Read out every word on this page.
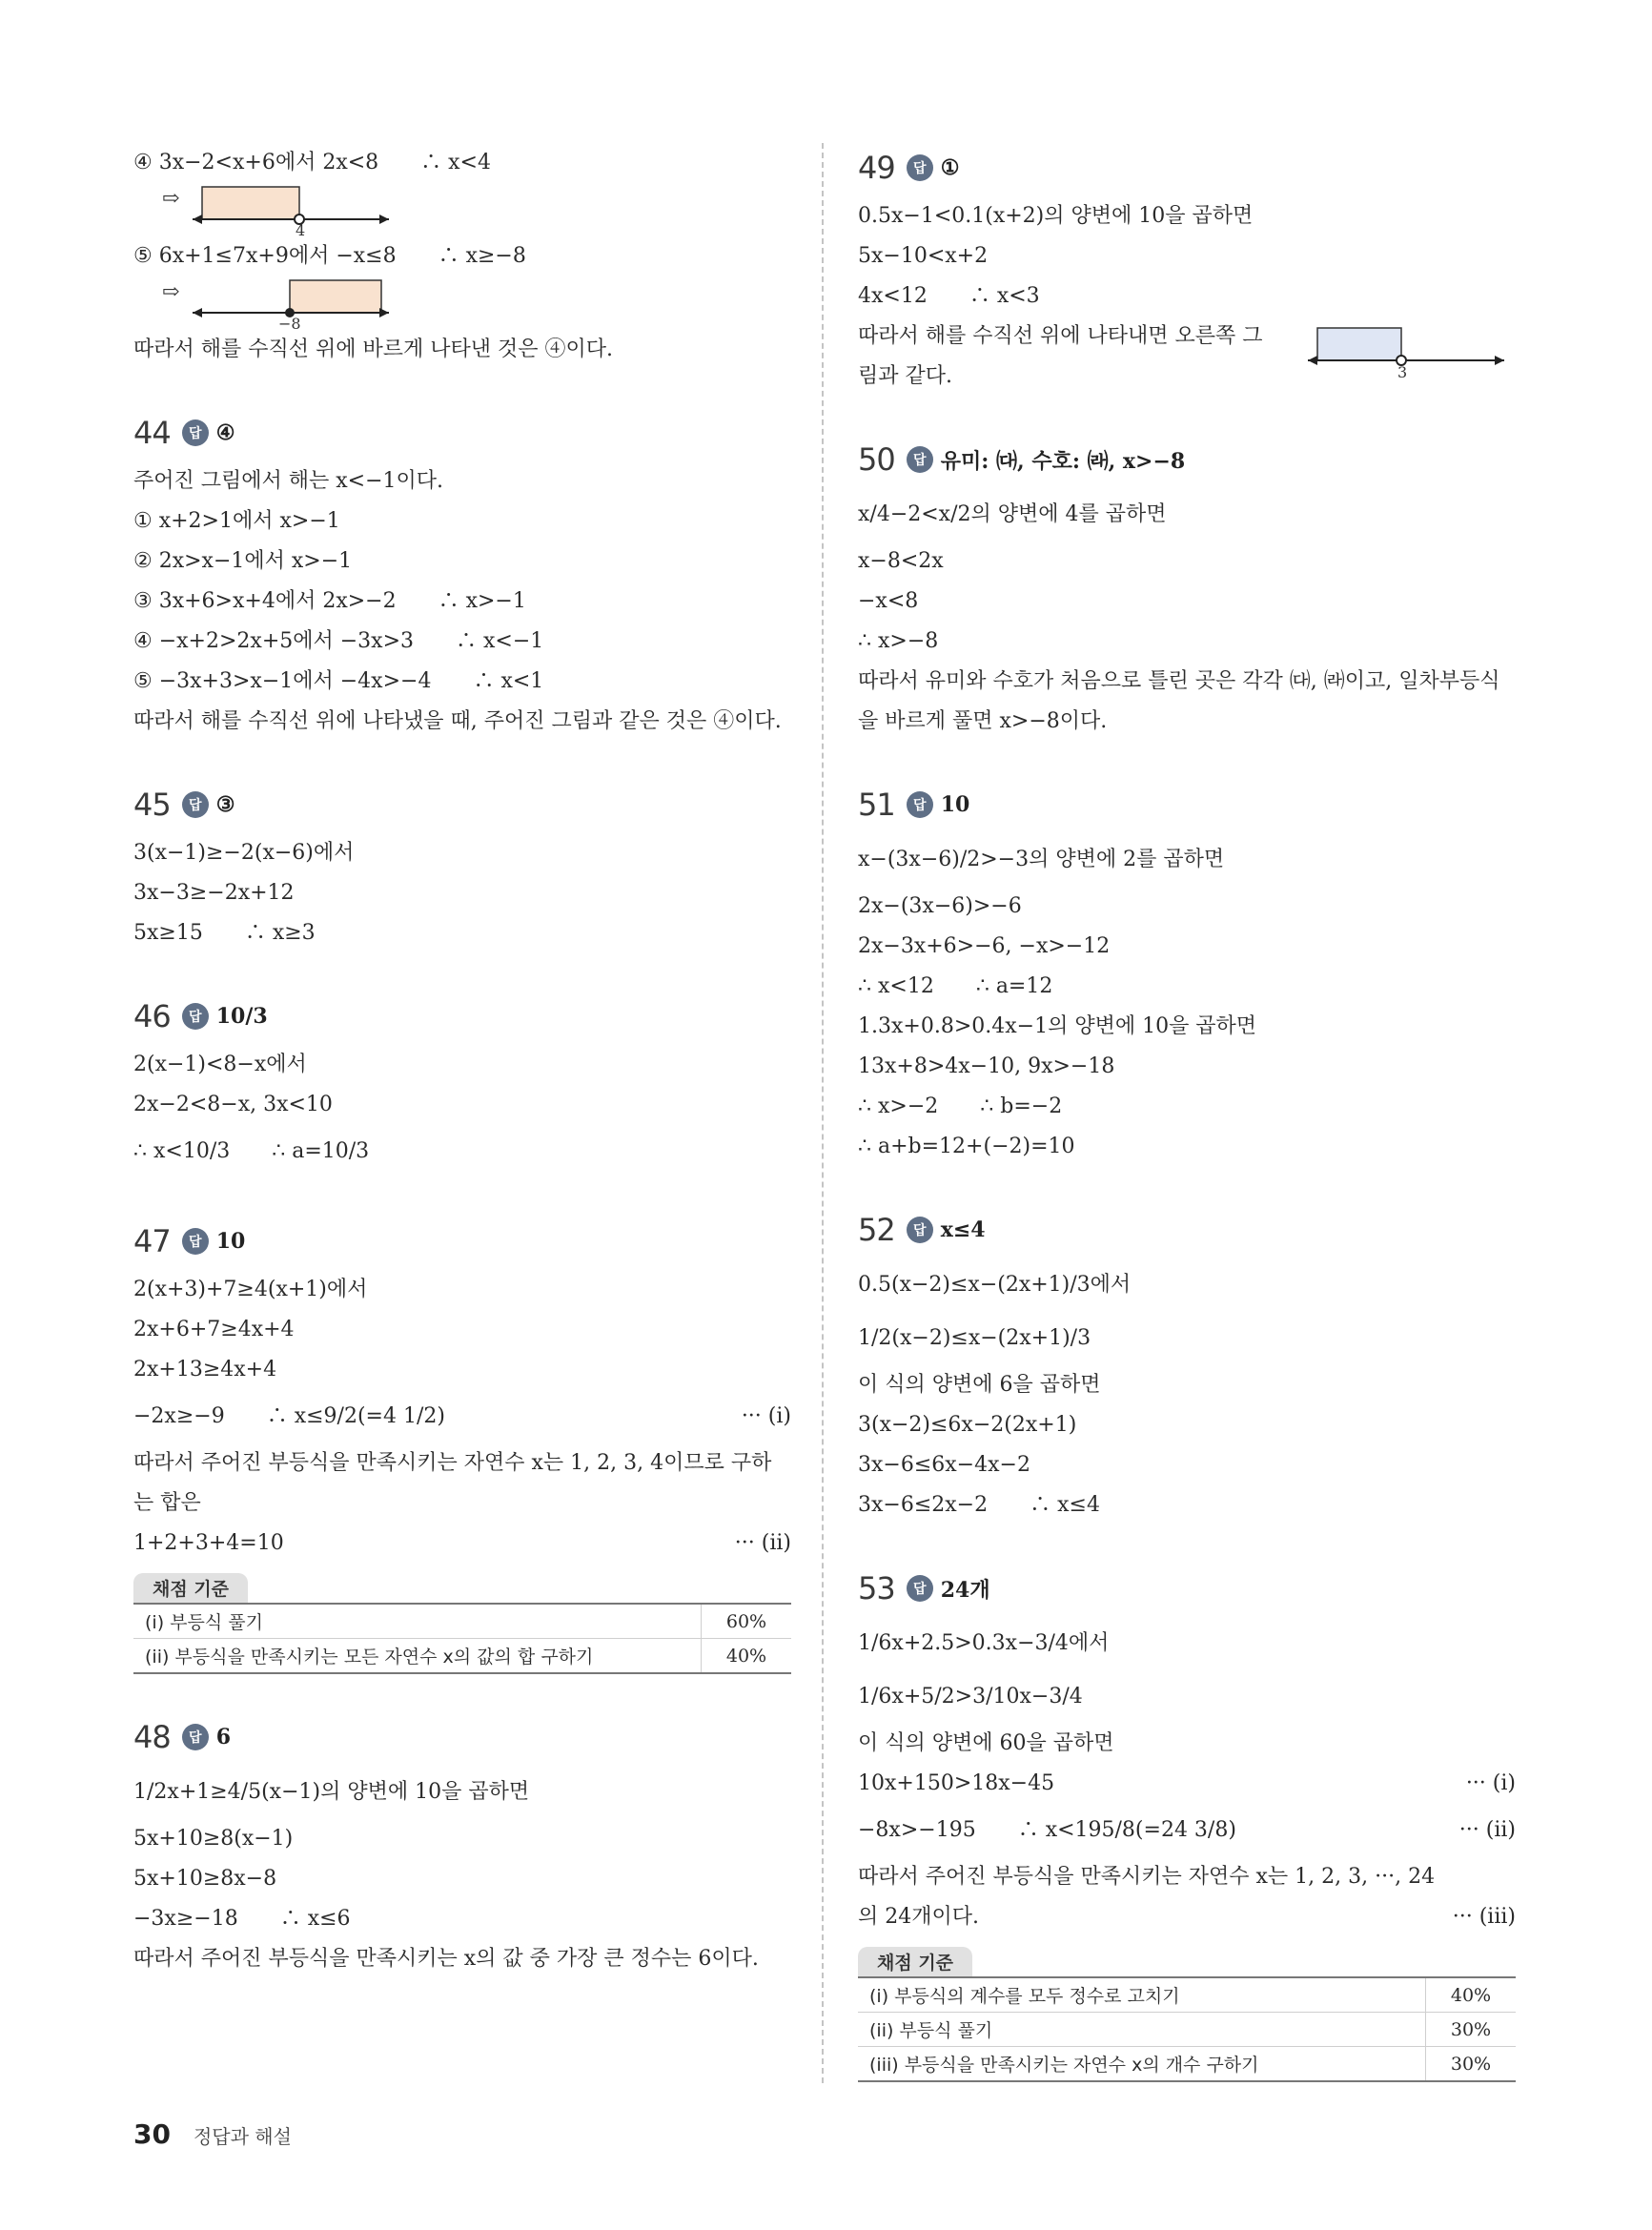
④ 3x−2<x+6에서 2x<8　　∴ x<4
⇨
4
⑤ 6x+1≤7x+9에서 −x≤8　　∴ x≥−8
⇨
−8
따라서 해를 수직선 위에 바르게 나타낸 것은 ④이다.
44	답 ④
주어진 그림에서 해는 x<−1이다.
① x+2>1에서 x>−1
② 2x>x−1에서 x>−1
③ 3x+6>x+4에서 2x>−2　　∴ x>−1
④ −x+2>2x+5에서 −3x>3　　∴ x<−1
⑤ −3x+3>x−1에서 −4x>−4　　∴ x<1
따라서 해를 수직선 위에 나타냈을 때, 주어진 그림과 같은 것은 ④이다.
45	답 ③
3(x−1)≥−2(x−6)에서
3x−3≥−2x+12
5x≥15　　∴ x≥3
46	답 10/3
2(x−1)<8−x에서
2x−2<8−x, 3x<10
∴ x<10/3　　∴ a=10/3
47	답 10
2(x+3)+7≥4(x+1)에서
2x+6+7≥4x+4
2x+13≥4x+4
−2x≥−9　　∴ x≤9/2(=4 1/2)	··· (i)
따라서 주어진 부등식을 만족시키는 자연수 x는 1, 2, 3, 4이므로 구하는 합은
1+2+3+4=10	··· (ii)
채점 기준
(i) 부등식 풀기	60%
(ii) 부등식을 만족시키는 모든 자연수 x의 값의 합 구하기	40%
48	답 6
1/2x+1≥4/5(x−1)의 양변에 10을 곱하면
5x+10≥8(x−1)
5x+10≥8x−8
−3x≥−18　　∴ x≤6
따라서 주어진 부등식을 만족시키는 x의 값 중 가장 큰 정수는 6이다.
49	답 ①
0.5x−1<0.1(x+2)의 양변에 10을 곱하면
5x−10<x+2
4x<12　　∴ x<3
따라서 해를 수직선 위에 나타내면 오른쪽 그림과 같다.	3
50	답 유미: ㈐, 수호: ㈑, x>−8
x/4−2<x/2의 양변에 4를 곱하면
x−8<2x
−x<8
∴ x>−8
따라서 유미와 수호가 처음으로 틀린 곳은 각각 ㈐, ㈑이고, 일차부등식을 바르게 풀면 x>−8이다.
51	답 10
x−(3x−6)/2>−3의 양변에 2를 곱하면
2x−(3x−6)>−6
2x−3x+6>−6, −x>−12
∴ x<12　　∴ a=12
1.3x+0.8>0.4x−1의 양변에 10을 곱하면
13x+8>4x−10, 9x>−18
∴ x>−2　　∴ b=−2
∴ a+b=12+(−2)=10
52	답 x≤4
0.5(x−2)≤x−(2x+1)/3에서
1/2(x−2)≤x−(2x+1)/3
이 식의 양변에 6을 곱하면
3(x−2)≤6x−2(2x+1)
3x−6≤6x−4x−2
3x−6≤2x−2　　∴ x≤4
53	답 24개
1/6x+2.5>0.3x−3/4에서
1/6x+5/2>3/10x−3/4
이 식의 양변에 60을 곱하면
10x+150>18x−45	··· (i)
−8x>−195　　∴ x<195/8(=24 3/8)	··· (ii)
따라서 주어진 부등식을 만족시키는 자연수 x는 1, 2, 3, ···, 24의 24개이다.	··· (iii)
채점 기준
(i) 부등식의 계수를 모두 정수로 고치기	40%
(ii) 부등식 풀기	30%
(iii) 부등식을 만족시키는 자연수 x의 개수 구하기	30%
30 정답과 해설
